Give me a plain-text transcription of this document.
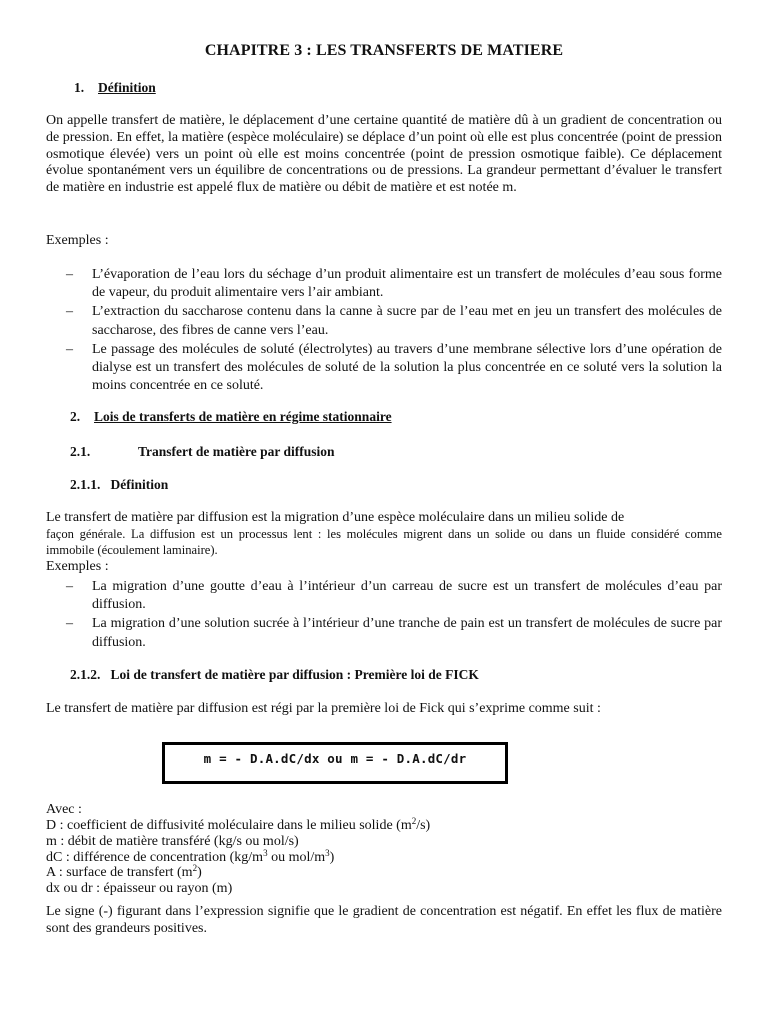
CHAPITRE 3 : LES TRANSFERTS DE MATIERE
1. Définition
On appelle transfert de matière, le déplacement d’une certaine quantité de matière dû à un gradient de concentration ou de pression. En effet, la matière (espèce moléculaire) se déplace d’un point où elle est plus concentrée (point de pression osmotique élevée) vers un point où elle est moins concentrée (point de pression osmotique faible). Ce déplacement évolue spontanément vers un équilibre de concentrations ou de pressions. La grandeur permettant d’évaluer le transfert de matière en industrie est appelé flux de matière ou débit de matière et est notée m.
Exemples :
– L’évaporation de l’eau lors du séchage d’un produit alimentaire est un transfert de molécules d’eau sous forme de vapeur, du produit alimentaire vers l’air ambiant.
– L’extraction du saccharose contenu dans la canne à sucre par de l’eau met en jeu un transfert des molécules de saccharose, des fibres de canne vers l’eau.
– Le passage des molécules de soluté (électrolytes) au travers d’une membrane sélective lors d’une opération de dialyse est un transfert des molécules de soluté de la solution la plus concentrée en ce soluté vers la solution la moins concentrée en ce soluté.
2. Lois de transferts de matière en régime stationnaire
2.1.	Transfert de matière par diffusion
2.1.1. Définition
Le transfert de matière par diffusion est la migration d’une espèce moléculaire dans un milieu solide de
façon générale. La diffusion est un processus lent : les molécules migrent dans un solide ou dans un fluide considéré comme immobile (écoulement laminaire).
Exemples :
– La migration d’une goutte d’eau à l’intérieur d’un carreau de sucre est un transfert de molécules d’eau par diffusion.
– La migration d’une solution sucrée à l’intérieur d’une tranche de pain est un transfert de molécules de sucre par diffusion.
2.1.2. Loi de transfert de matière par diffusion : Première loi de FICK
Le transfert de matière par diffusion est régi par la première loi de Fick qui s’exprime comme suit :
m = - D.A.dC/dx ou m = - D.A.dC/dr
Avec :
D : coefficient de diffusivité moléculaire dans le milieu solide $(m^2/s)$
m : débit de matière transféré (kg/s ou mol/s)
dC : différence de concentration ($kg/m^3$ ou mol/$m^3$)
A : surface de transfert $(m^2)$
dx ou dr : épaisseur ou rayon (m)
Le signe (-) figurant dans l’expression signifie que le gradient de concentration est négatif. En effet les flux de matière sont des grandeurs positives.
